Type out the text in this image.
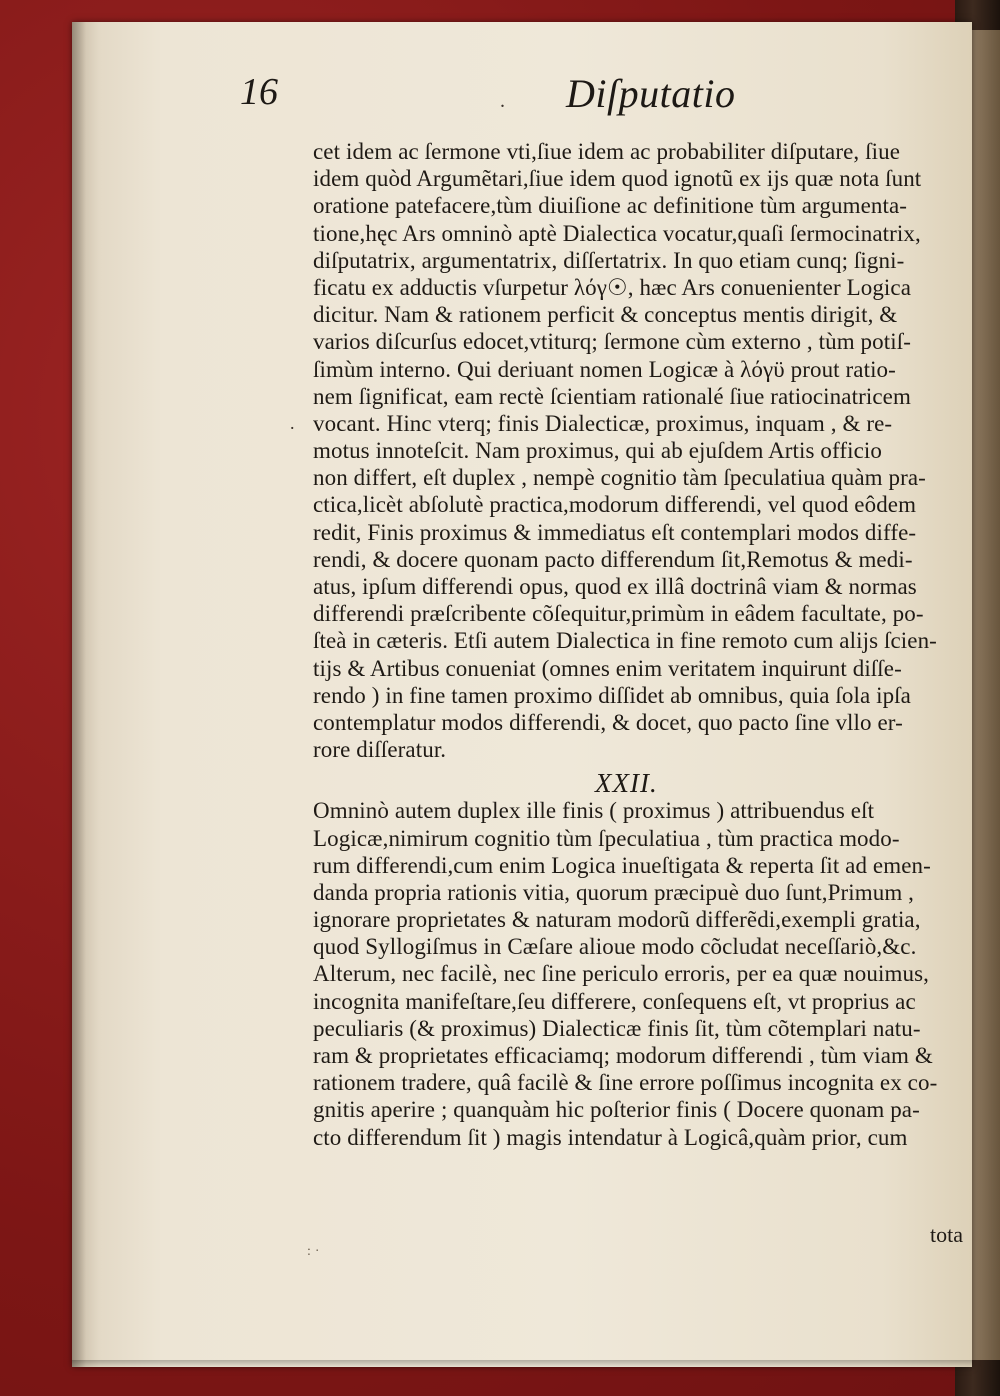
16	. Diſputatio
.
cet idem ac ſermone vti,ſiue idem ac probabiliter diſputare, ſiue
idem quòd Argumẽtari,ſiue idem quod ignotũ ex ijs quæ nota ſunt
oratione patefacere,tùm diuiſione ac definitione tùm argumenta-
tione,hęc Ars omninò aptè Dialectica vocatur,quaſi ſermocinatrix,
diſputatrix, argumentatrix, diſſertatrix. In quo etiam cunq; ſigni-
ficatu ex adductis vſurpetur λόγ☉, hæc Ars conuenienter Logica
dicitur. Nam & rationem perficit & conceptus mentis dirigit, &
varios diſcurſus edocet,vtiturq; ſermone cùm externo , tùm potiſ-
ſimùm interno. Qui deriuant nomen Logicæ à λόγϋ prout ratio-
nem ſignificat, eam rectè ſcientiam rationalé ſiue ratiocinatricem
vocant. Hinc vterq; finis Dialecticæ, proximus, inquam , & re-
motus innoteſcit. Nam proximus, qui ab ejuſdem Artis officio
non differt, eſt duplex , nempè cognitio tàm ſpeculatiua quàm pra-
ctica,licèt abſolutè practica,modorum differendi, vel quod eôdem
redit, Finis proximus & immediatus eſt contemplari modos diffe-
rendi, & docere quonam pacto differendum ſit,Remotus & medi-
atus, ipſum differendi opus, quod ex illâ doctrinâ viam & normas
differendi præſcribente cõſequitur,primùm in eâdem facultate, po-
ſteà in cæteris. Etſi autem Dialectica in fine remoto cum alijs ſcien-
tijs & Artibus conueniat (omnes enim veritatem inquirunt diſſe-
rendo ) in fine tamen proximo diſſidet ab omnibus, quia ſola ipſa
contemplatur modos differendi, & docet, quo pacto ſine vllo er-
rore diſſeratur.
XXII.
Omninò autem duplex ille finis ( proximus ) attribuendus eſt
Logicæ,nimirum cognitio tùm ſpeculatiua , tùm practica modo-
rum differendi,cum enim Logica inueſtigata & reperta ſit ad emen-
danda propria rationis vitia, quorum præcipuè duo ſunt,Primum ,
ignorare proprietates & naturam modorũ differẽdi,exempli gratia,
quod Syllogiſmus in Cæſare alioue modo cõcludat neceſſariò,&c.
Alterum, nec facilè, nec ſine periculo erroris, per ea quæ nouimus,
incognita manifeſtare,ſeu differere, conſequens eſt, vt proprius ac
peculiaris (& proximus) Dialecticæ finis ſit, tùm cõtemplari natu-
ram & proprietates efficaciamq; modorum differendi , tùm viam &
rationem tradere, quâ facilè & ſine errore poſſimus incognita ex co-
gnitis aperire ; quanquàm hic poſterior finis ( Docere quonam pa-
cto differendum ſit ) magis intendatur à Logicâ,quàm prior, cum
tota
:·
